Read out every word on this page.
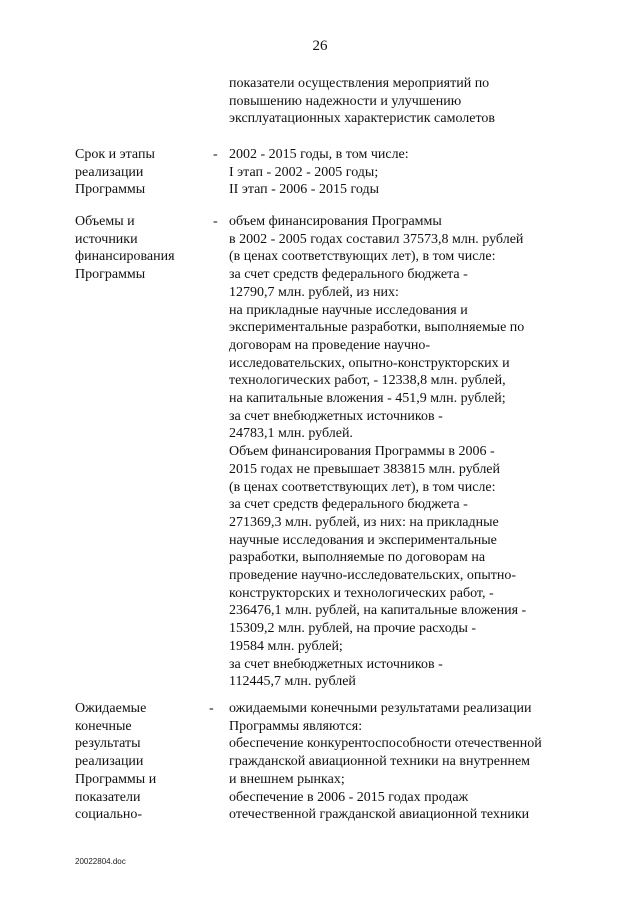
26
показатели осуществления мероприятий по
повышению надежности и улучшению
эксплуатационных характеристик самолетов
Срок и этапы
реализации
Программы
- 2002 - 2015 годы, в том числе:
I этап - 2002 - 2005 годы;
II этап - 2006 - 2015 годы
Объемы и
источники
финансирования
Программы
- объем финансирования Программы
в 2002 - 2005 годах составил 37573,8 млн. рублей
(в ценах соответствующих лет), в том числе:
за счет средств федерального бюджета -
12790,7 млн. рублей, из них:
на прикладные научные исследования и
экспериментальные разработки, выполняемые по
договорам на проведение научно-
исследовательских, опытно-конструкторских и
технологических работ, - 12338,8 млн. рублей,
на капитальные вложения - 451,9 млн. рублей;
за счет внебюджетных источников -
24783,1 млн. рублей.
Объем финансирования Программы в 2006 -
2015 годах не превышает 383815 млн. рублей
(в ценах соответствующих лет), в том числе:
за счет средств федерального бюджета -
271369,3 млн. рублей, из них: на прикладные
научные исследования и экспериментальные
разработки, выполняемые по договорам на
проведение научно-исследовательских, опытно-
конструкторских и технологических работ, -
236476,1 млн. рублей, на капитальные вложения -
15309,2 млн. рублей, на прочие расходы -
19584 млн. рублей;
за счет внебюджетных источников -
112445,7 млн. рублей
Ожидаемые
конечные
результаты
реализации
Программы и
показатели
социально-
- ожидаемыми конечными результатами реализации
Программы являются:
обеспечение конкурентоспособности отечественной
гражданской авиационной техники на внутреннем
и внешнем рынках;
обеспечение в 2006 - 2015 годах продаж
отечественной гражданской авиационной техники
20022804.doc
